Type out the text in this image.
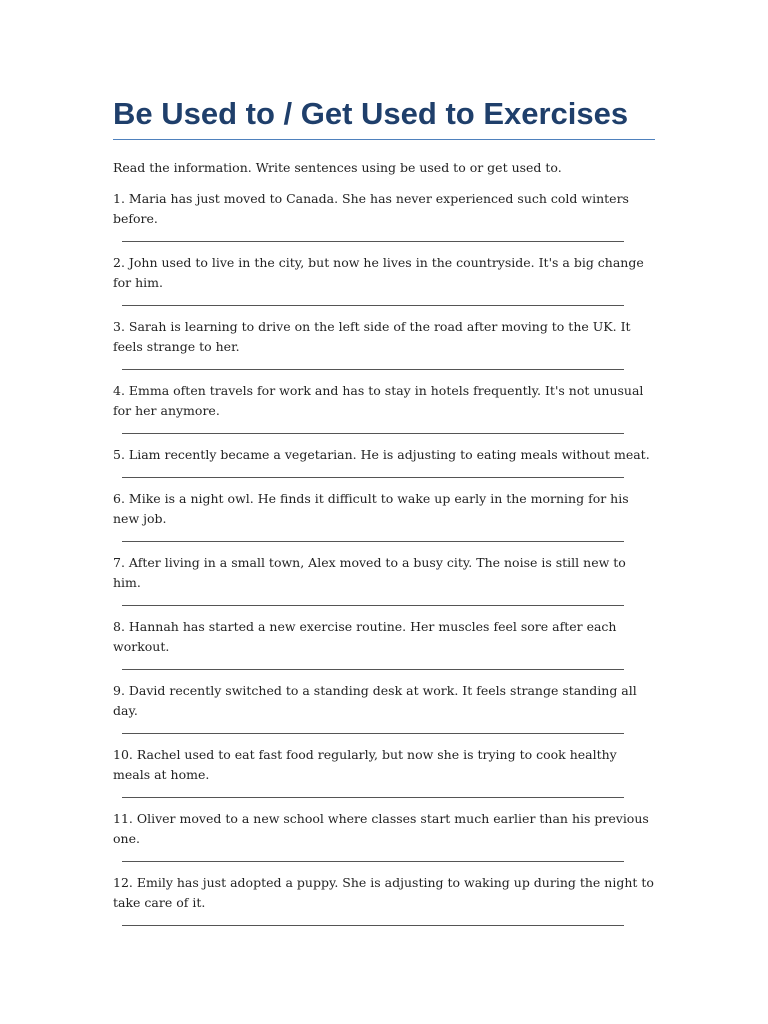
Be Used to / Get Used to Exercises

Read the information. Write sentences using be used to or get used to.

1. Maria has just moved to Canada. She has never experienced such cold winters before.

2. John used to live in the city, but now he lives in the countryside. It's a big change for him.

3. Sarah is learning to drive on the left side of the road after moving to the UK. It feels strange to her.

4. Emma often travels for work and has to stay in hotels frequently. It's not unusual for her anymore.

5. Liam recently became a vegetarian. He is adjusting to eating meals without meat.

6. Mike is a night owl. He finds it difficult to wake up early in the morning for his new job.

7. After living in a small town, Alex moved to a busy city. The noise is still new to him.

8. Hannah has started a new exercise routine. Her muscles feel sore after each workout.

9. David recently switched to a standing desk at work. It feels strange standing all day.

10. Rachel used to eat fast food regularly, but now she is trying to cook healthy meals at home.

11. Oliver moved to a new school where classes start much earlier than his previous one.

12. Emily has just adopted a puppy. She is adjusting to waking up during the night to take care of it.
